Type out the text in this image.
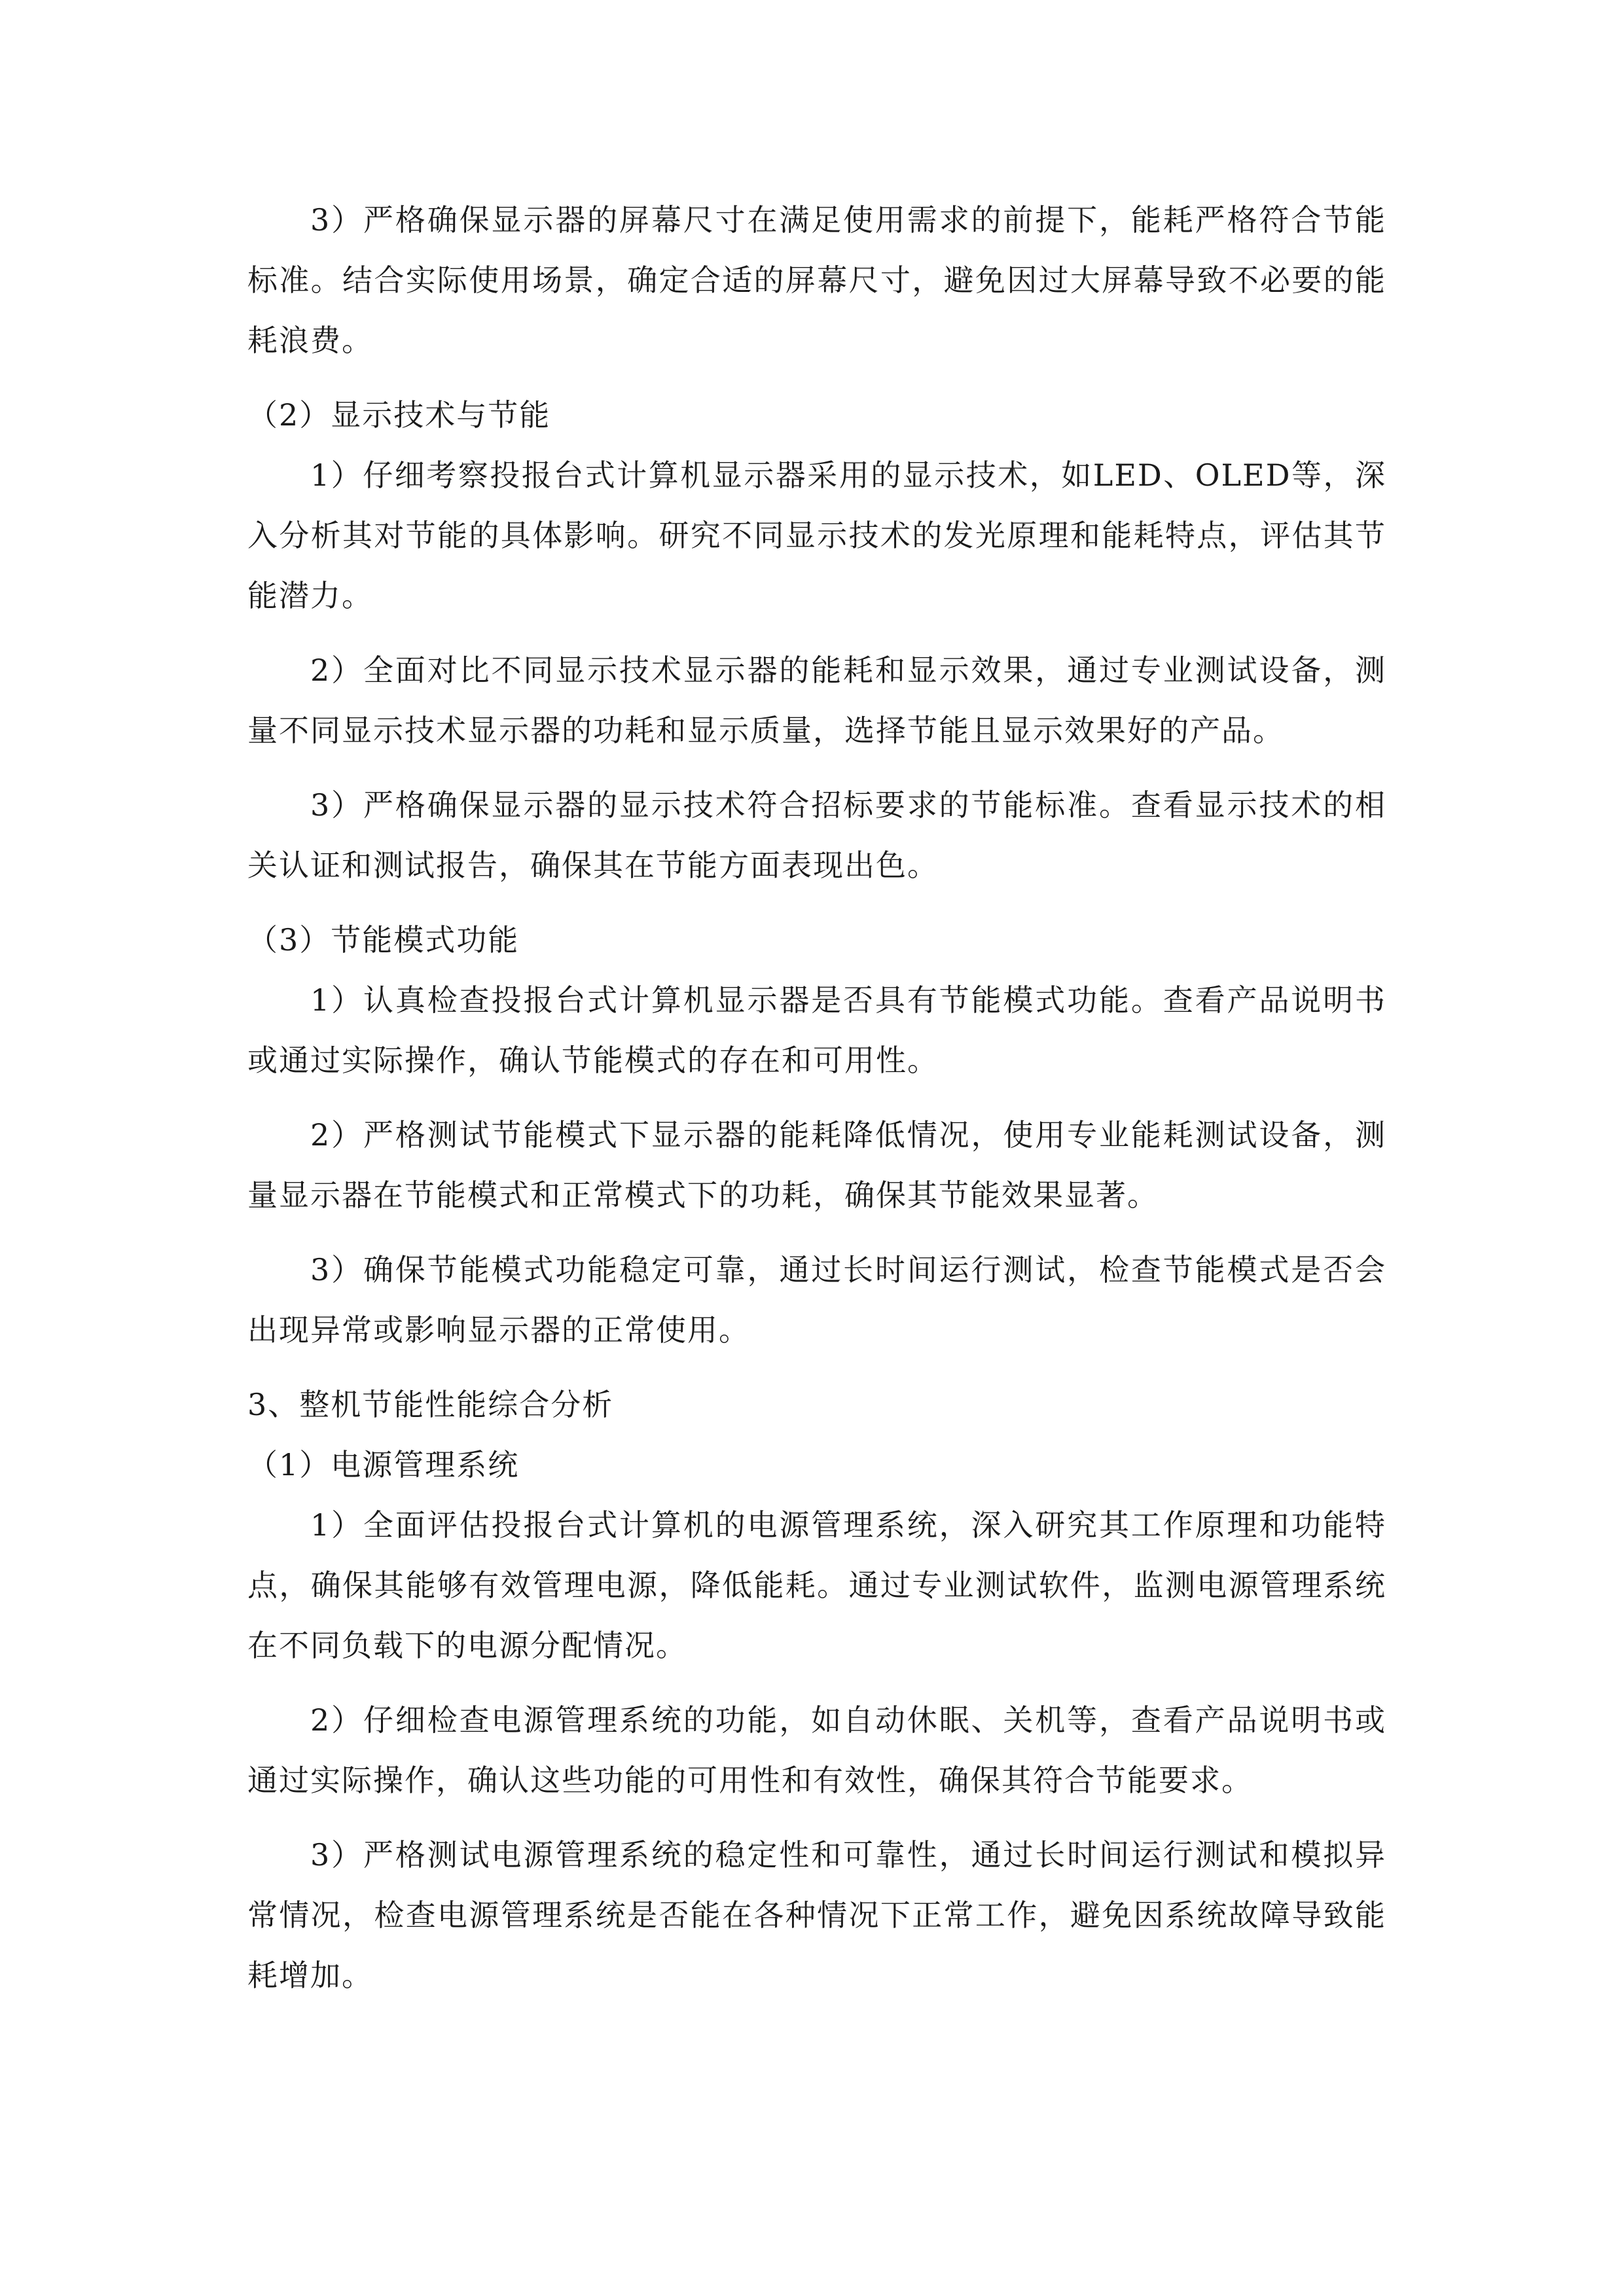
3）严格确保显示器的屏幕尺寸在满足使用需求的前提下，能耗严格符合节能标准。结合实际使用场景，确定合适的屏幕尺寸，避免因过大屏幕导致不必要的能耗浪费。

（2）显示技术与节能

1）仔细考察投报台式计算机显示器采用的显示技术，如LED、OLED等，深入分析其对节能的具体影响。研究不同显示技术的发光原理和能耗特点，评估其节能潜力。

2）全面对比不同显示技术显示器的能耗和显示效果，通过专业测试设备，测量不同显示技术显示器的功耗和显示质量，选择节能且显示效果好的产品。

3）严格确保显示器的显示技术符合招标要求的节能标准。查看显示技术的相关认证和测试报告，确保其在节能方面表现出色。

（3）节能模式功能

1）认真检查投报台式计算机显示器是否具有节能模式功能。查看产品说明书或通过实际操作，确认节能模式的存在和可用性。

2）严格测试节能模式下显示器的能耗降低情况，使用专业能耗测试设备，测量显示器在节能模式和正常模式下的功耗，确保其节能效果显著。

3）确保节能模式功能稳定可靠，通过长时间运行测试，检查节能模式是否会出现异常或影响显示器的正常使用。

3、整机节能性能综合分析

（1）电源管理系统

1）全面评估投报台式计算机的电源管理系统，深入研究其工作原理和功能特点，确保其能够有效管理电源，降低能耗。通过专业测试软件，监测电源管理系统在不同负载下的电源分配情况。

2）仔细检查电源管理系统的功能，如自动休眠、关机等，查看产品说明书或通过实际操作，确认这些功能的可用性和有效性，确保其符合节能要求。

3）严格测试电源管理系统的稳定性和可靠性，通过长时间运行测试和模拟异常情况，检查电源管理系统是否能在各种情况下正常工作，避免因系统故障导致能耗增加。
